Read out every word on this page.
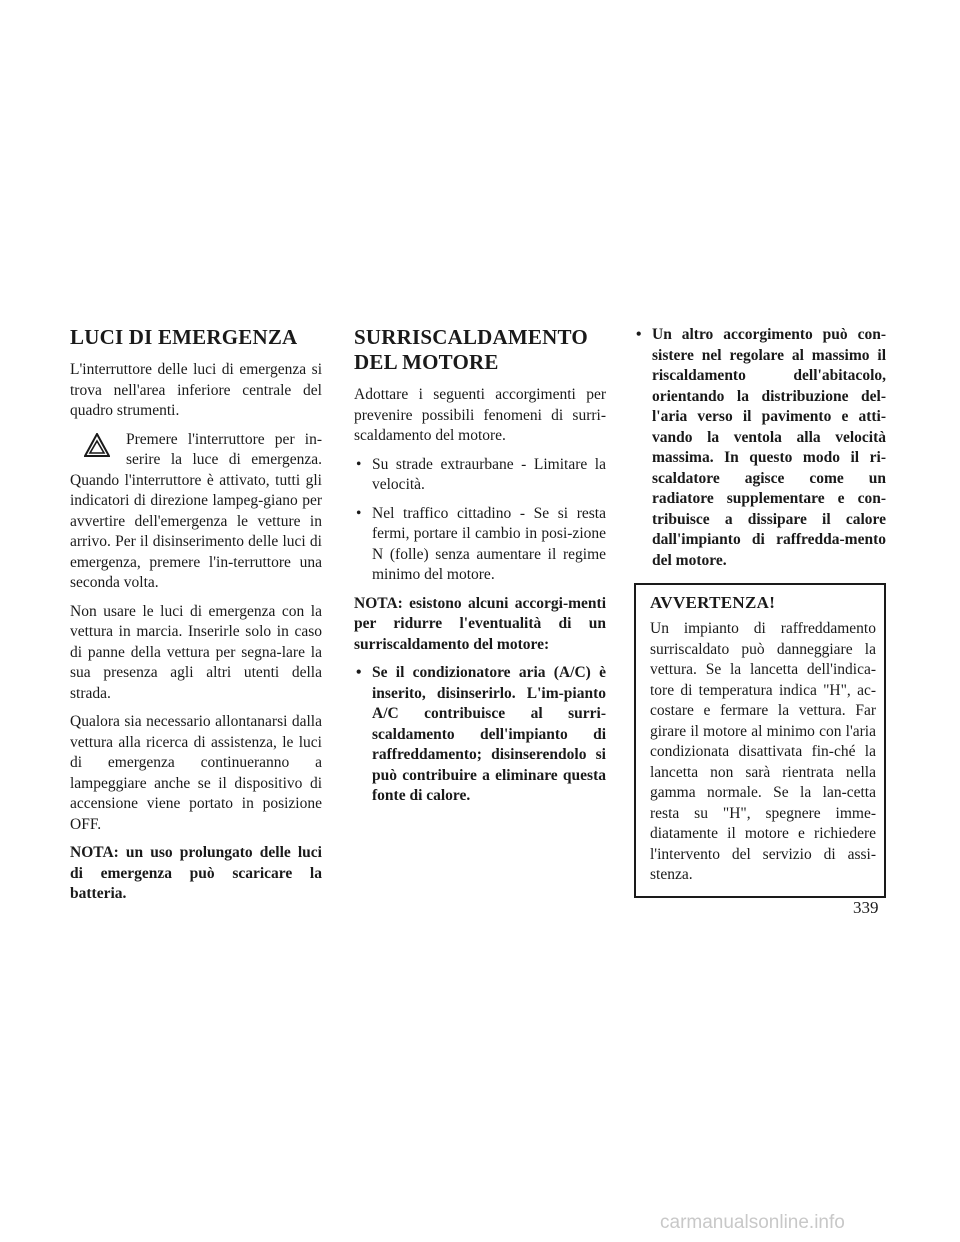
LUCI DI EMERGENZA

L'interruttore delle luci di emergenza si trova nell'area inferiore centrale del quadro strumenti.

Premere l'interruttore per in-serire la luce di emergenza. Quando l'interruttore è attivato, tutti gli indicatori di direzione lampeg-giano per avvertire dell'emergenza le vetture in arrivo. Per il disinserimento delle luci di emergenza, premere l'in-terruttore una seconda volta.

Non usare le luci di emergenza con la vettura in marcia. Inserirle solo in caso di panne della vettura per segna-lare la sua presenza agli altri utenti della strada.

Qualora sia necessario allontanarsi dalla vettura alla ricerca di assistenza, le luci di emergenza continueranno a lampeggiare anche se il dispositivo di accensione viene portato in posizione OFF.

NOTA: un uso prolungato delle luci di emergenza può scaricare la batteria.

SURRISCALDAMENTO
DEL MOTORE

Adottare i seguenti accorgimenti per prevenire possibili fenomeni di surri-scaldamento del motore.

• Su strade extraurbane - Limitare la velocità.
• Nel traffico cittadino - Se si resta fermi, portare il cambio in posi-zione N (folle) senza aumentare il regime minimo del motore.

NOTA: esistono alcuni accorgi-menti per ridurre l'eventualità di un surriscaldamento del motore:

• Se il condizionatore aria (A/C) è inserito, disinserirlo. L'im-pianto A/C contribuisce al surri-scaldamento dell'impianto di raffreddamento; disinserendolo si può contribuire a eliminare questa fonte di calore.
• Un altro accorgimento può con-sistere nel regolare al massimo il riscaldamento dell'abitacolo, orientando la distribuzione del-l'aria verso il pavimento e atti-vando la ventola alla velocità massima. In questo modo il ri-scaldatore agisce come un radiatore supplementare e con-tribuisce a dissipare il calore dall'impianto di raffredda-mento del motore.
AVVERTENZA!

Un impianto di raffreddamento surriscaldato può danneggiare la vettura. Se la lancetta dell'indica-tore di temperatura indica "H", ac-costare e fermare la vettura. Far girare il motore al minimo con l'aria condizionata disattivata fin-ché la lancetta non sarà rientrata nella gamma normale. Se la lan-cetta resta su "H", spegnere imme-diatamente il motore e richiedere l'intervento del servizio di assi-stenza.

339
carmanualsonline.info
